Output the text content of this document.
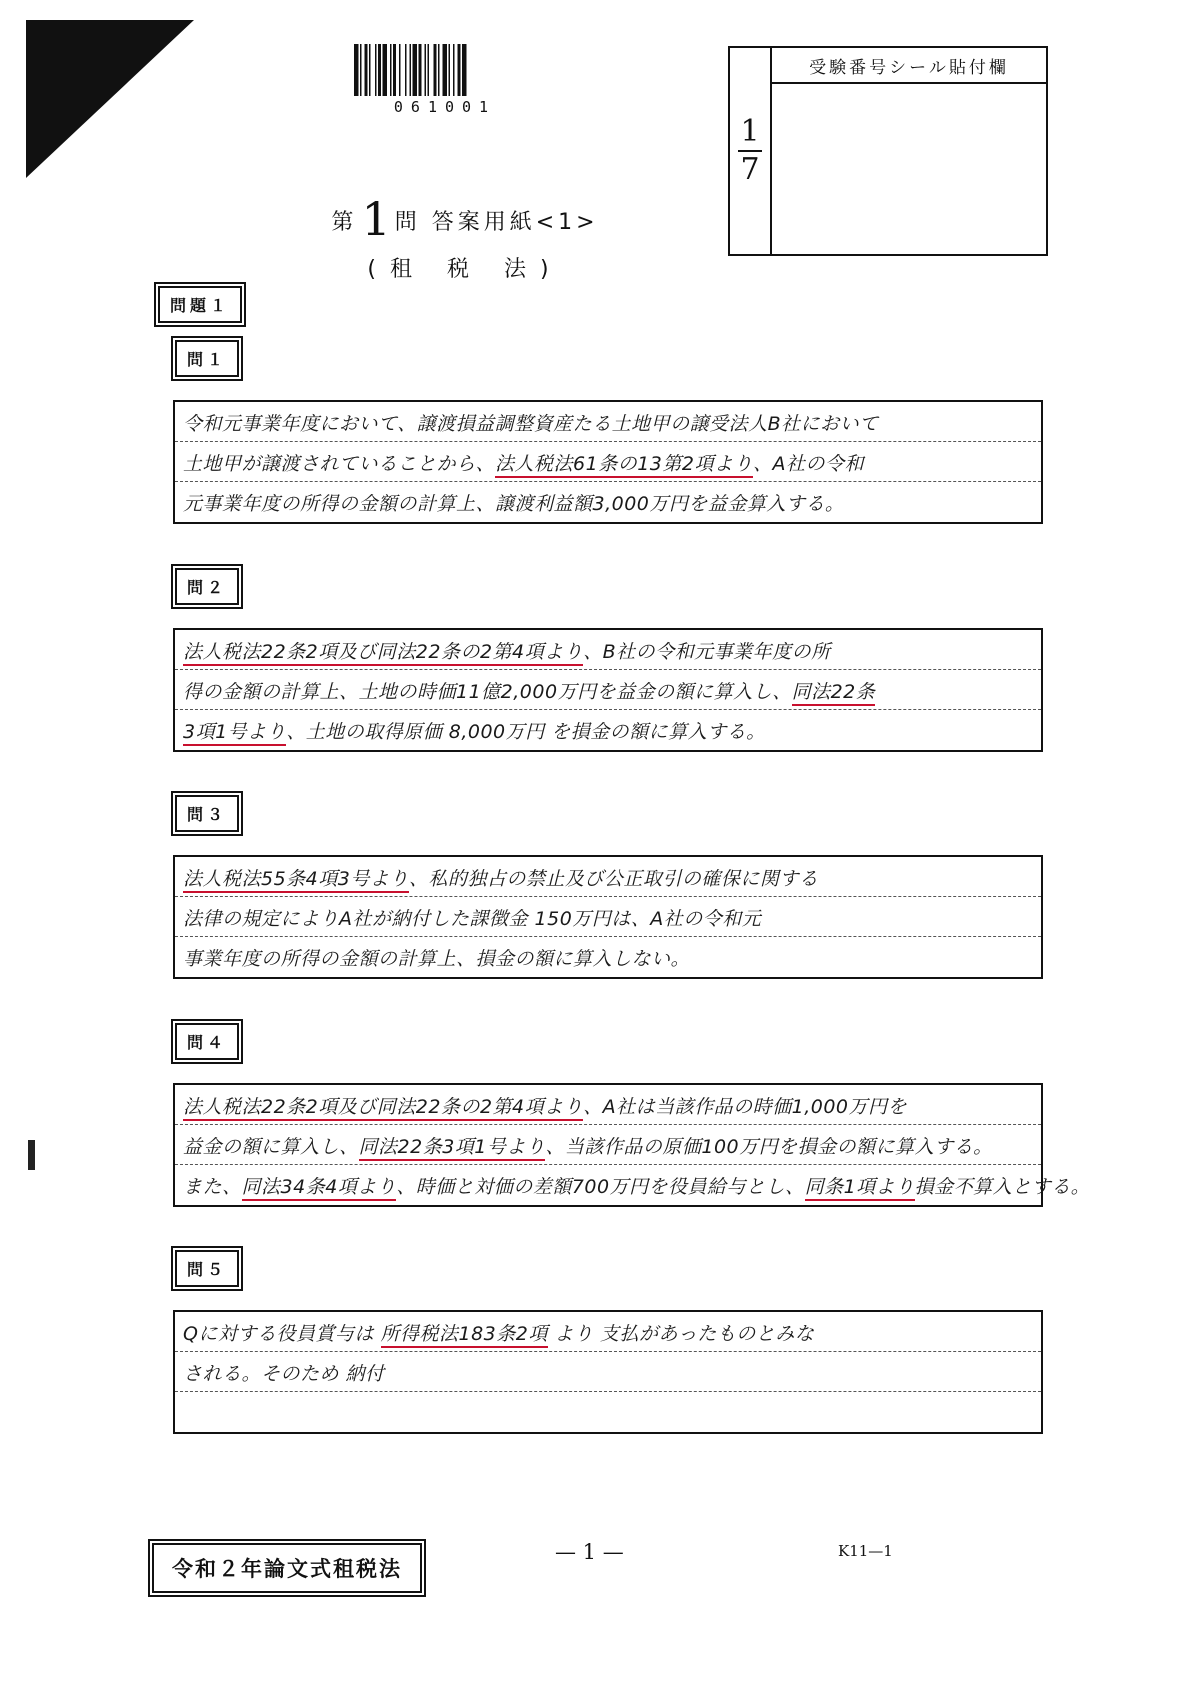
061001
1
7
受験番号シール貼付欄
第1 問 答案用紙<1>
(租 税 法)
問題１
問１
令和元事業年度において、譲渡損益調整資産たる土地甲の譲受法人B社において
土地甲が譲渡されていることから、法人税法61条の13第2項より、A社の令和
元事業年度の所得の金額の計算上、譲渡利益額3,000万円を益金算入する。
問２
法人税法22条2項及び同法22条の2第4項より、B社の令和元事業年度の所
得の金額の計算上、土地の時価11億2,000万円を益金の額に算入し、同法22条
3項1号より、土地の取得原価 8,000万円 を損金の額に算入する。
問３
法人税法55条4項3号より、私的独占の禁止及び公正取引の確保に関する
法律の規定によりA社が納付した課徴金 150万円は、A社の令和元
事業年度の所得の金額の計算上、損金の額に算入しない。
問４
法人税法22条2項及び同法22条の2第4項より、A社は当該作品の時価1,000万円を
益金の額に算入し、同法22条3項1号より、当該作品の原価100万円を損金の額に算入する。
また、同法34条4項より、時価と対価の差額700万円を役員給与とし、同条1項より損金不算入とする。
問５
Qに対する役員賞与は 所得税法183条2項 より 支払があったものとみな
される。そのため 納付
令和２年論文式租税法
— 1 —	K11—1
